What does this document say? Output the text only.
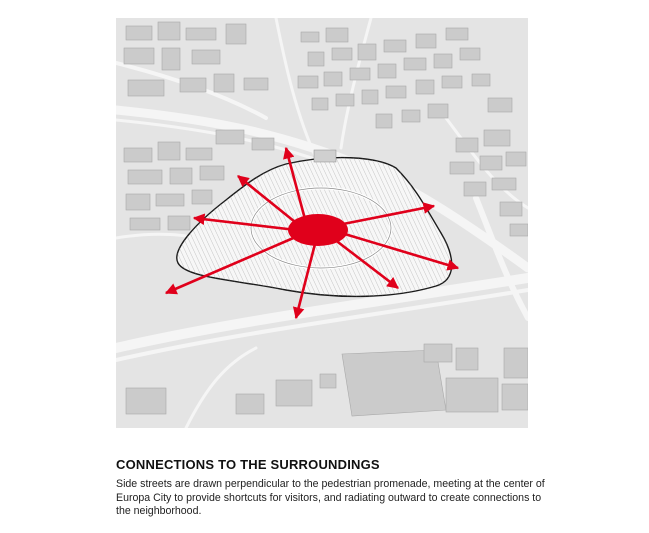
CONNECTIONS TO THE SURROUNDINGS

Side streets are drawn perpendicular to the pedestrian promenade, meeting at the center of Europa City to provide shortcuts for visitors, and radiating outward to create connections to the neighborhood.
